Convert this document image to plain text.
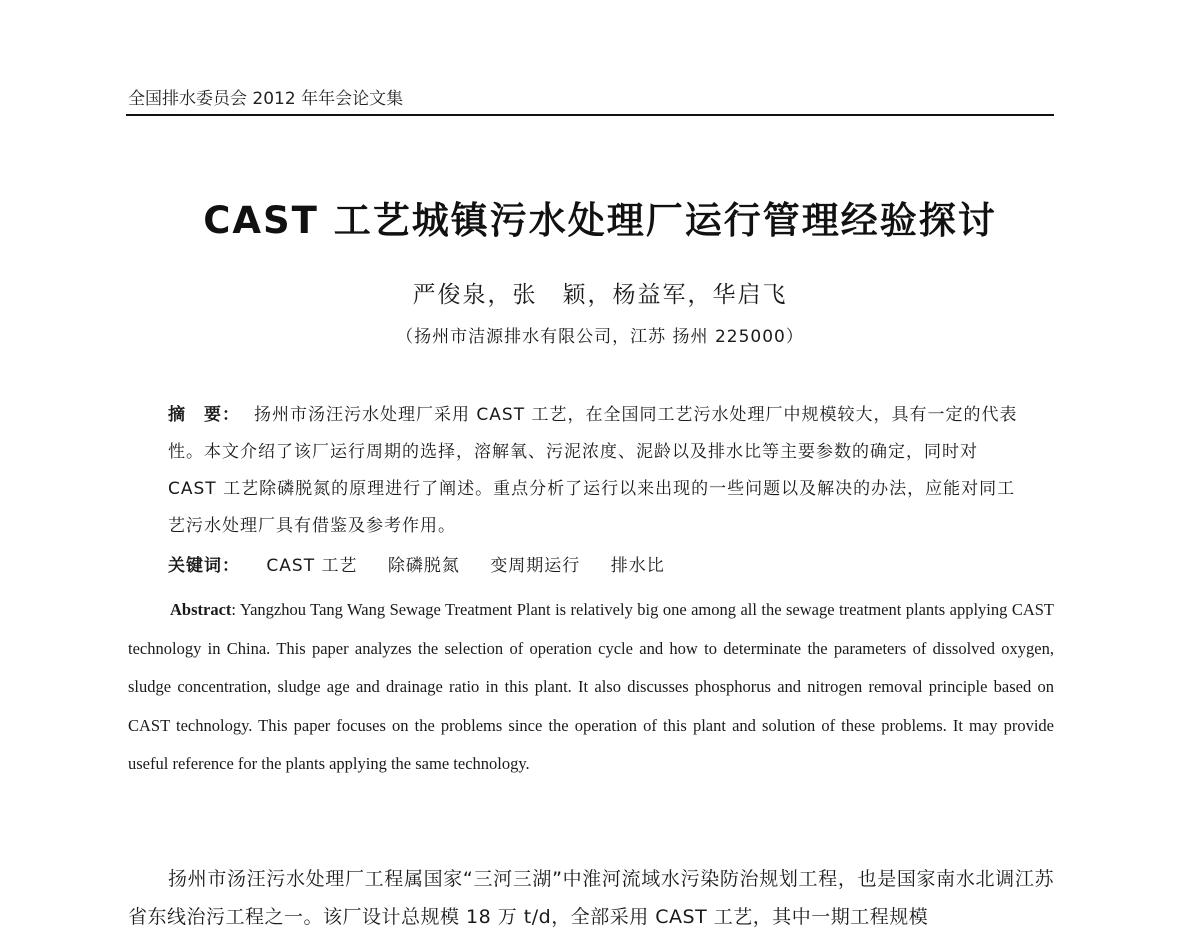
全国排水委员会 2012 年年会论文集
CAST 工艺城镇污水处理厂运行管理经验探讨
严俊泉，张　颖，杨益军，华启飞
（扬州市洁源排水有限公司，江苏 扬州 225000）
摘　要： 扬州市汤汪污水处理厂采用 CAST 工艺，在全国同工艺污水处理厂中规模较大，具有一定的代表性。本文介绍了该厂运行周期的选择，溶解氧、污泥浓度、泥龄以及排水比等主要参数的确定，同时对 CAST 工艺除磷脱氮的原理进行了阐述。重点分析了运行以来出现的一些问题以及解决的办法，应能对同工艺污水处理厂具有借鉴及参考作用。
关键词： CAST 工艺 除磷脱氮 变周期运行 排水比

Abstract: Yangzhou Tang Wang Sewage Treatment Plant is relatively big one among all the sewage treatment plants applying CAST technology in China. This paper analyzes the selection of operation cycle and how to determinate the parameters of dissolved oxygen, sludge concentration, sludge age and drainage ratio in this plant. It also discusses phosphorus and nitrogen removal principle based on CAST technology. This paper focuses on the problems since the operation of this plant and solution of these problems. It may provide useful reference for the plants applying the same technology.

扬州市汤汪污水处理厂工程属国家“三河三湖”中淮河流域水污染防治规划工程，也是国家南水北调江苏省东线治污工程之一。该厂设计总规模 18 万 t/d，全部采用 CAST 工艺，其中一期工程规模
